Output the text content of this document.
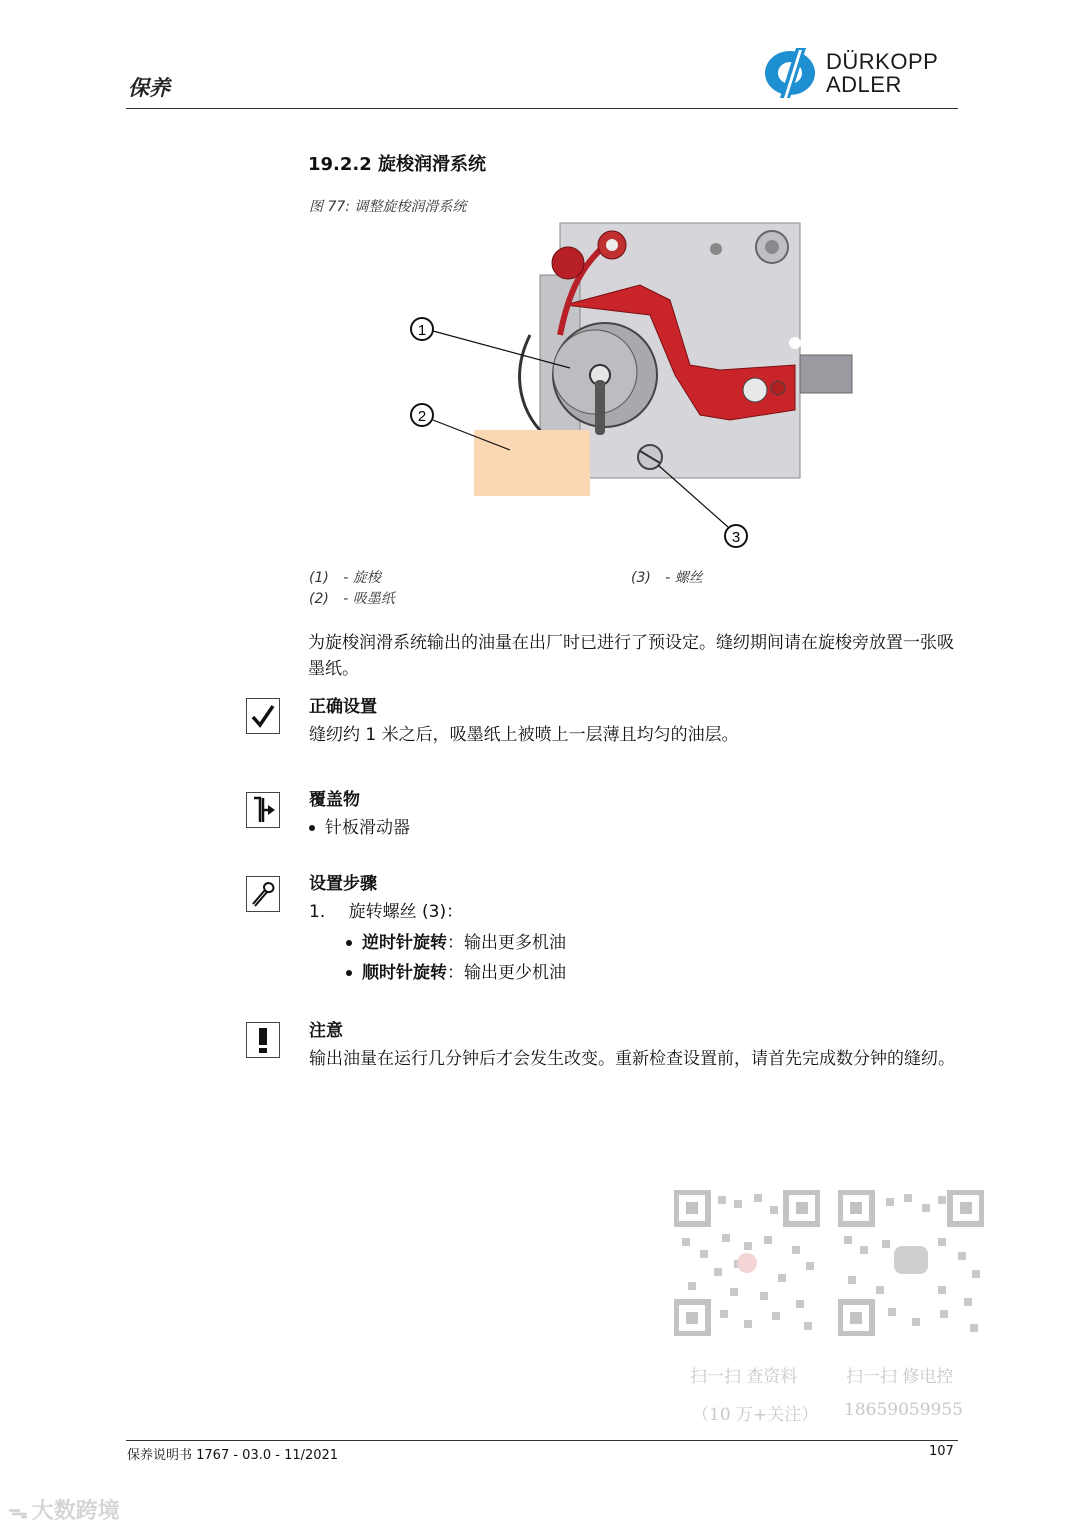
保养
DÜRKOPP
ADLER
19.2.2 旋梭润滑系统
图 77: 调整旋梭润滑系统
1
2
3
(1) - 旋梭
(2) - 吸墨纸
(3) - 螺丝
为旋梭润滑系统输出的油量在出厂时已进行了预设定。缝纫期间请在旋梭旁放置一张吸墨纸。
正确设置
缝纫约 1 米之后，吸墨纸上被喷上一层薄且均匀的油层。
覆盖物
针板滑动器
设置步骤
1. 旋转螺丝 (3)：
逆时针旋转：输出更多机油
顺时针旋转：输出更少机油
注意
输出油量在运行几分钟后才会发生改变。重新检查设置前，请首先完成数分钟的缝纫。
扫一扫 查资料
（10 万+关注）
扫一扫 修电控
18659059955
保养说明书 1767 - 03.0 - 11/2021	107
ᯓ 大数跨境
